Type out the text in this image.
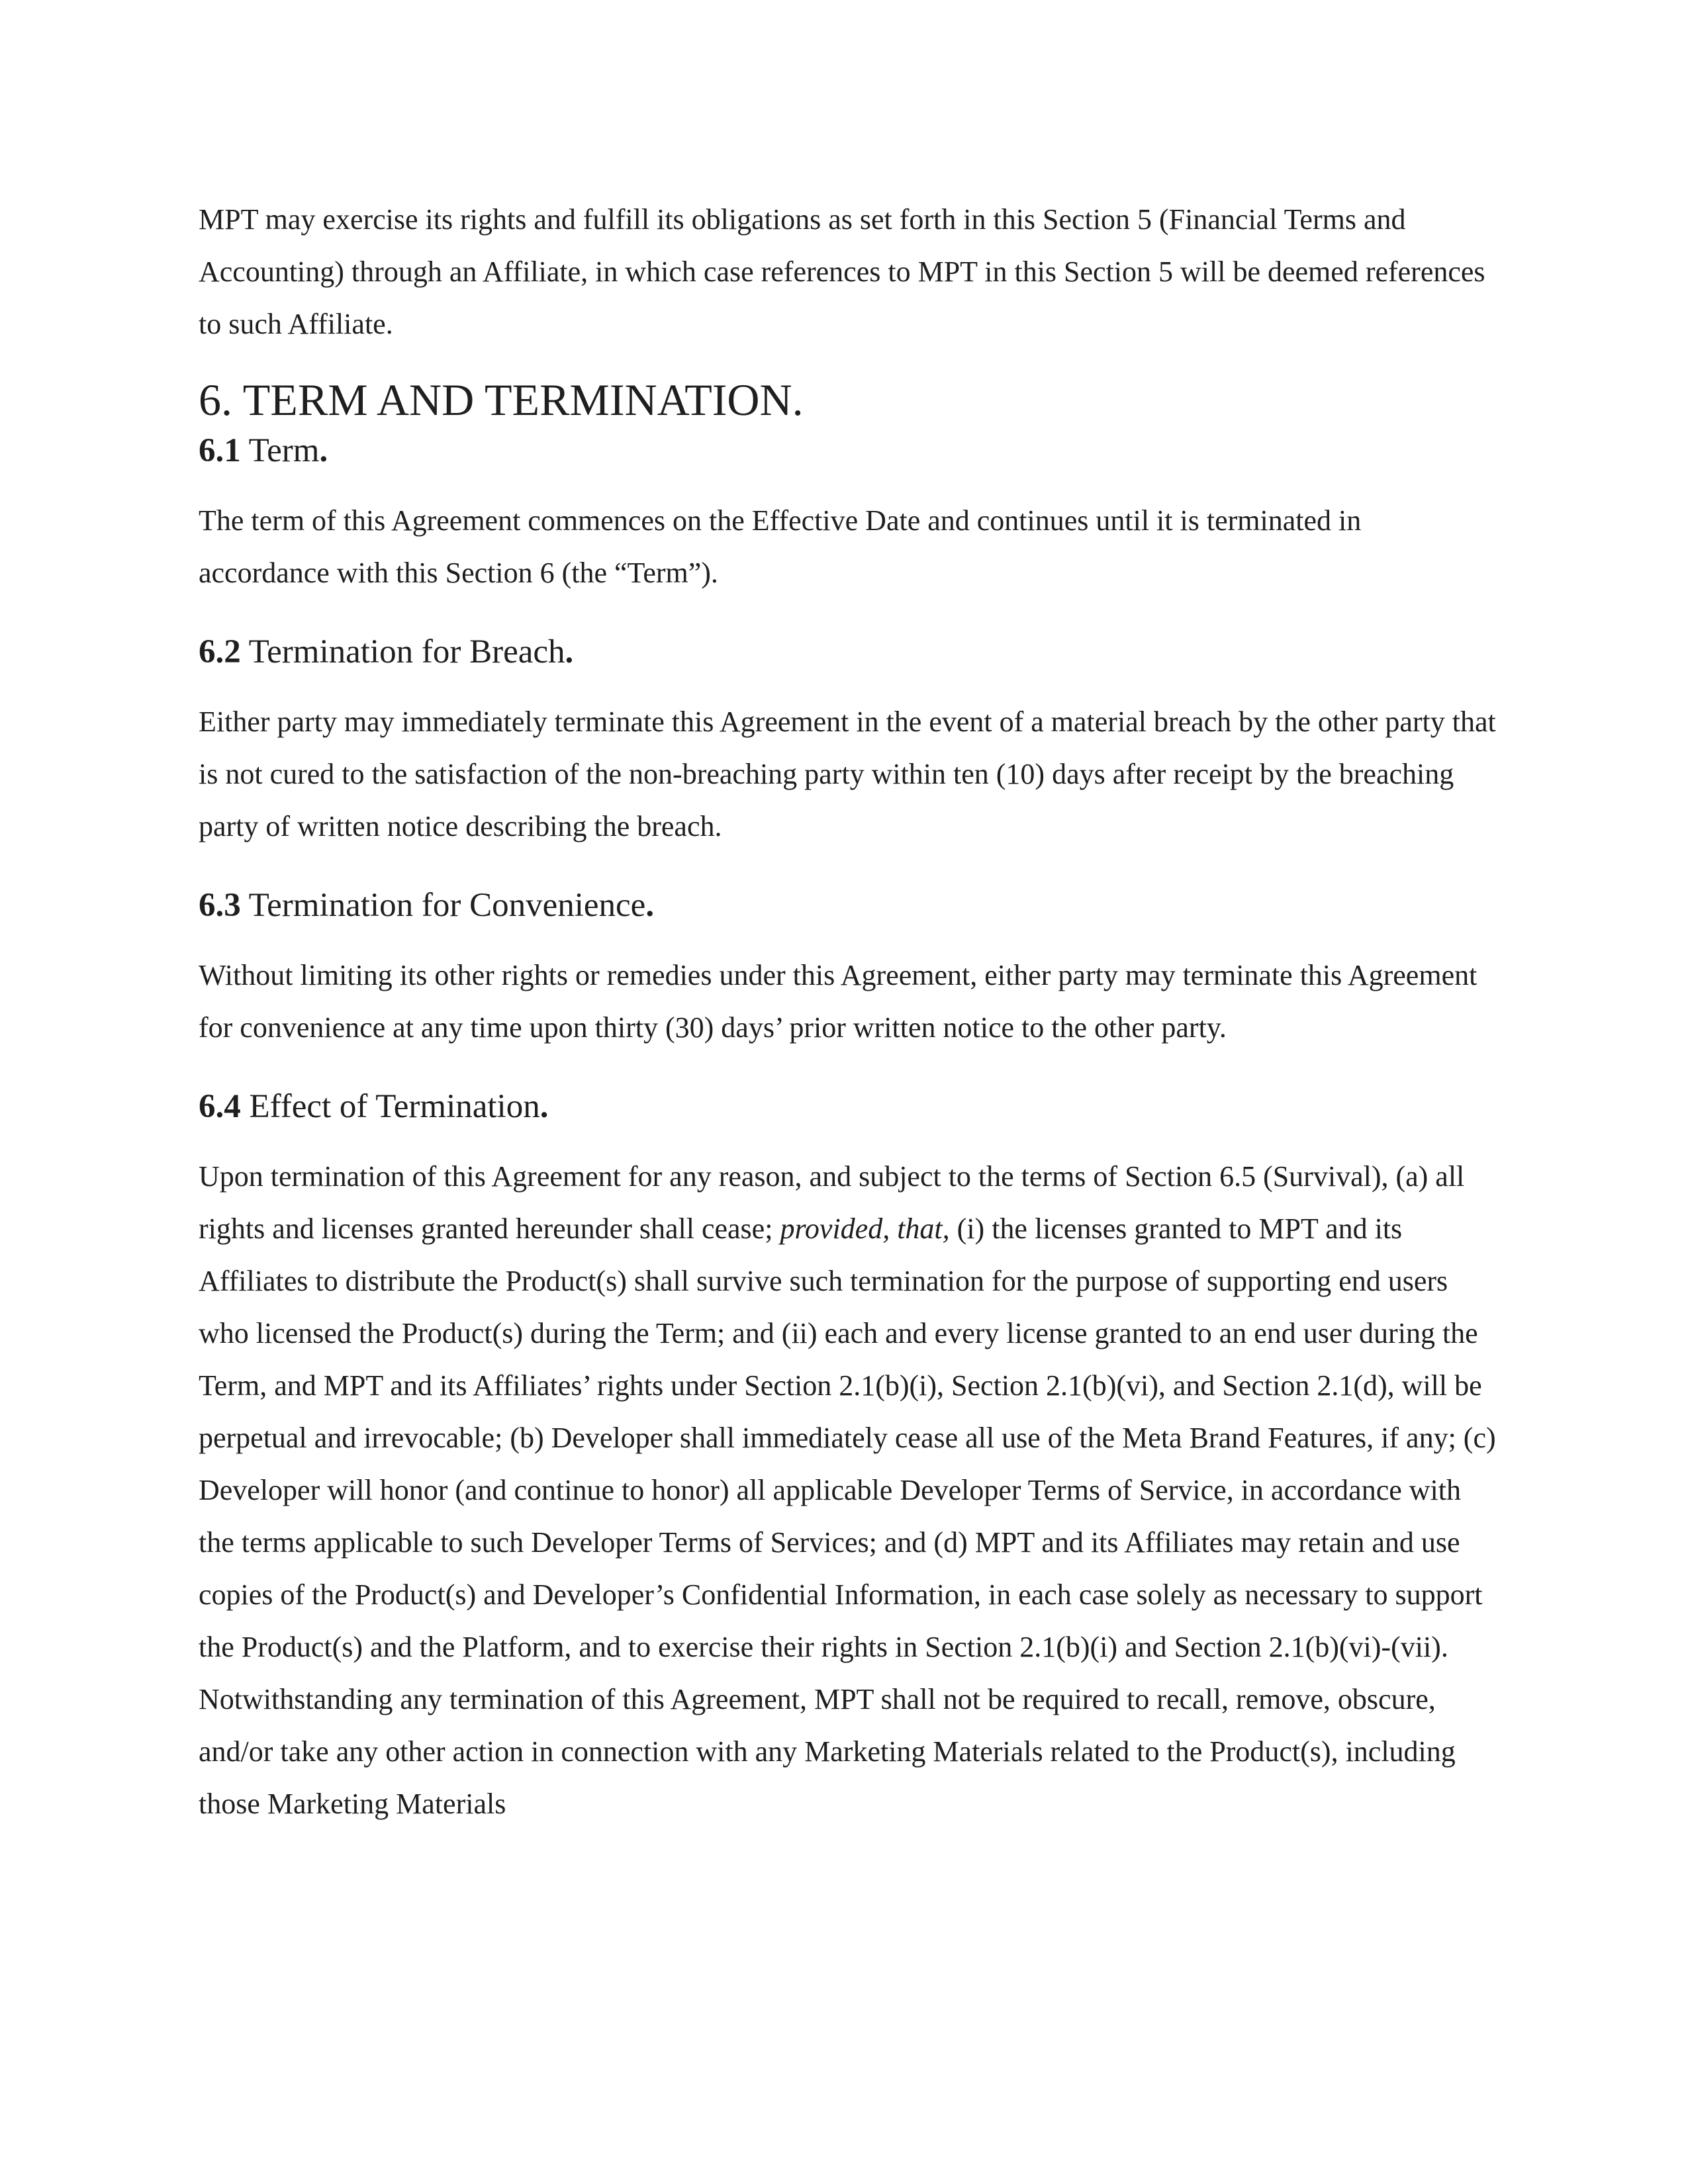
MPT may exercise its rights and fulfill its obligations as set forth in this Section 5 (Financial Terms and Accounting) through an Affiliate, in which case references to MPT in this Section 5 will be deemed references to such Affiliate.

6. TERM AND TERMINATION.
6.1 Term.

The term of this Agreement commences on the Effective Date and continues until it is terminated in accordance with this Section 6 (the “Term”).

6.2 Termination for Breach.

Either party may immediately terminate this Agreement in the event of a material breach by the other party that is not cured to the satisfaction of the non-breaching party within ten (10) days after receipt by the breaching party of written notice describing the breach.

6.3 Termination for Convenience.

Without limiting its other rights or remedies under this Agreement, either party may terminate this Agreement for convenience at any time upon thirty (30) days’ prior written notice to the other party.

6.4 Effect of Termination.

Upon termination of this Agreement for any reason, and subject to the terms of Section 6.5 (Survival), (a) all rights and licenses granted hereunder shall cease; provided, that, (i) the licenses granted to MPT and its Affiliates to distribute the Product(s) shall survive such termination for the purpose of supporting end users who licensed the Product(s) during the Term; and (ii) each and every license granted to an end user during the Term, and MPT and its Affiliates’ rights under Section 2.1(b)(i), Section 2.1(b)(vi), and Section 2.1(d), will be perpetual and irrevocable; (b) Developer shall immediately cease all use of the Meta Brand Features, if any; (c) Developer will honor (and continue to honor) all applicable Developer Terms of Service, in accordance with the terms applicable to such Developer Terms of Services; and (d) MPT and its Affiliates may retain and use copies of the Product(s) and Developer’s Confidential Information, in each case solely as necessary to support the Product(s) and the Platform, and to exercise their rights in Section 2.1(b)(i) and Section 2.1(b)(vi)-(vii). Notwithstanding any termination of this Agreement, MPT shall not be required to recall, remove, obscure, and/or take any other action in connection with any Marketing Materials related to the Product(s), including those Marketing Materials
